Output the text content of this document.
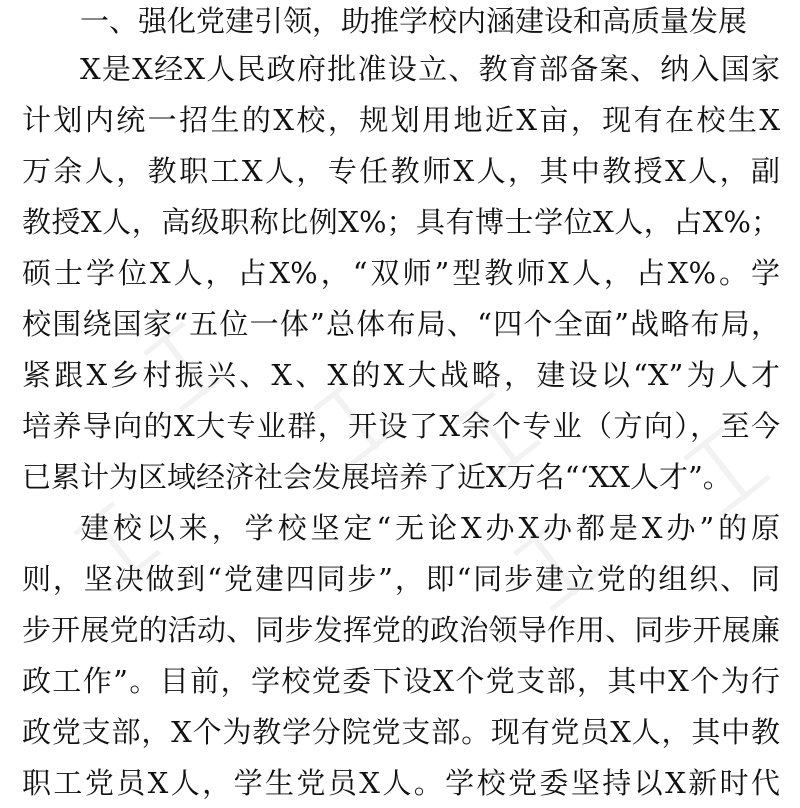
一、强化党建引领，助推学校内涵建设和高质量发展
X是X经X人民政府批准设立、教育部备案、纳入国家
计划内统一招生的X校，规划用地近X亩，现有在校生X
万余人，教职工X人，专任教师X人，其中教授X人，副
教授X人，高级职称比例X%；具有博士学位X人，占X%；
硕士学位X人，占X%，“双师”型教师X人，占X%。学
校围绕国家“五位一体”总体布局、“四个全面”战略布局，
紧跟X乡村振兴、X、X的X大战略，建设以“X”为人才
培养导向的X大专业群，开设了X余个专业（方向），至今
已累计为区域经济社会发展培养了近X万名“‘XX人才”。
建校以来，学校坚定“无论X办X办都是X办”的原
则，坚决做到“党建四同步”，即“同步建立党的组织、同
步开展党的活动、同步发挥党的政治领导作用、同步开展廉
政工作”。目前，学校党委下设X个党支部，其中X个为行
政党支部，X个为教学分院党支部。现有党员X人，其中教
职工党员X人，学生党员X人。学校党委坚持以X新时代
